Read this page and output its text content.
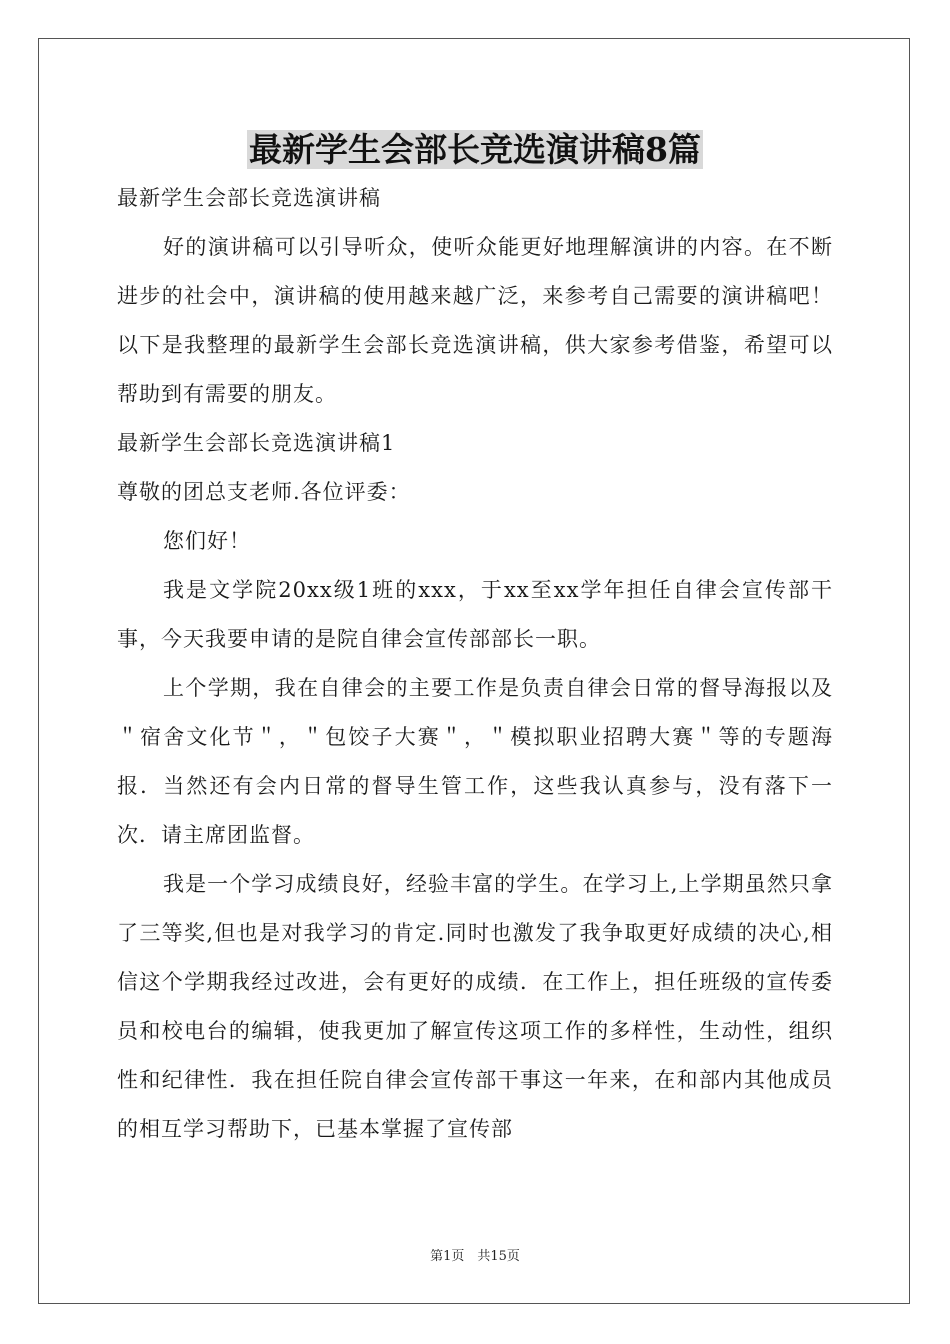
最新学生会部长竞选演讲稿8篇

最新学生会部长竞选演讲稿

好的演讲稿可以引导听众，使听众能更好地理解演讲的内容。在不断进步的社会中，演讲稿的使用越来越广泛，来参考自己需要的演讲稿吧！以下是我整理的最新学生会部长竞选演讲稿，供大家参考借鉴，希望可以帮助到有需要的朋友。

最新学生会部长竞选演讲稿1

尊敬的团总支老师.各位评委：

您们好！

我是文学院20xx级1班的xxx，于xx至xx学年担任自律会宣传部干事，今天我要申请的是院自律会宣传部部长一职。

上个学期，我在自律会的主要工作是负责自律会日常的督导海报以及＂宿舍文化节＂，＂包饺子大赛＂，＂模拟职业招聘大赛＂等的专题海报．当然还有会内日常的督导生管工作，这些我认真参与，没有落下一次．请主席团监督。

我是一个学习成绩良好，经验丰富的学生。在学习上,上学期虽然只拿了三等奖,但也是对我学习的肯定.同时也激发了我争取更好成绩的决心,相信这个学期我经过改进，会有更好的成绩．在工作上，担任班级的宣传委员和校电台的编辑，使我更加了解宣传这项工作的多样性，生动性，组织性和纪律性．我在担任院自律会宣传部干事这一年来，在和部内其他成员的相互学习帮助下，已基本掌握了宣传部

第1页　共15页
